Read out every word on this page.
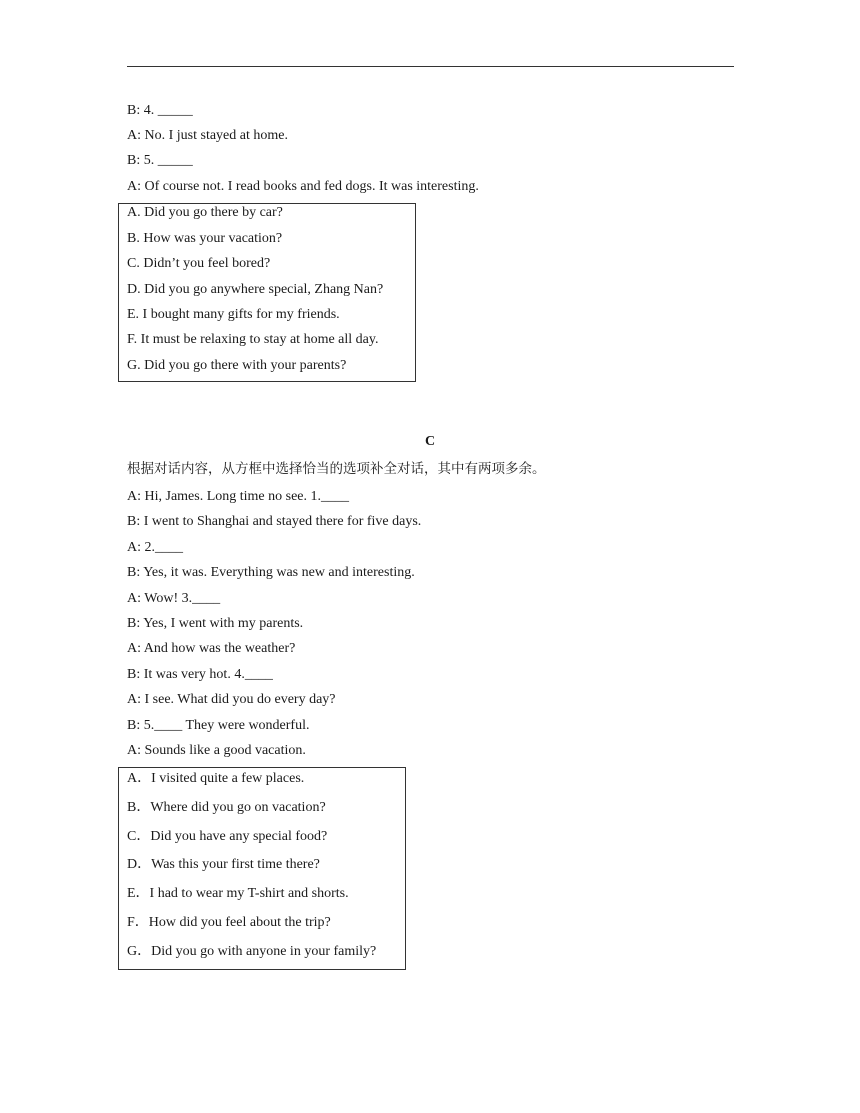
B: 4. _____
A: No. I just stayed at home.
B: 5. _____
A: Of course not. I read books and fed dogs. It was interesting.
A. Did you go there by car?
B. How was your vacation?
C. Didn’t you feel bored?
D. Did you go anywhere special, Zhang Nan?
E. I bought many gifts for my friends.
F. It must be relaxing to stay at home all day.
G. Did you go there with your parents?
C
根据对话内容，从方框中选择恰当的选项补全对话，其中有两项多余。
A: Hi, James. Long time no see. 1.____
B: I went to Shanghai and stayed there for five days.
A: 2.____
B: Yes, it was. Everything was new and interesting.
A: Wow! 3.____
B: Yes, I went with my parents.
A: And how was the weather?
B: It was very hot. 4.____
A: I see. What did you do every day?
B: 5.____ They were wonderful.
A: Sounds like a good vacation.
A．I visited quite a few places.
B．Where did you go on vacation?
C．Did you have any special food?
D．Was this your first time there?
E．I had to wear my T-shirt and shorts.
F．How did you feel about the trip?
G．Did you go with anyone in your family?
